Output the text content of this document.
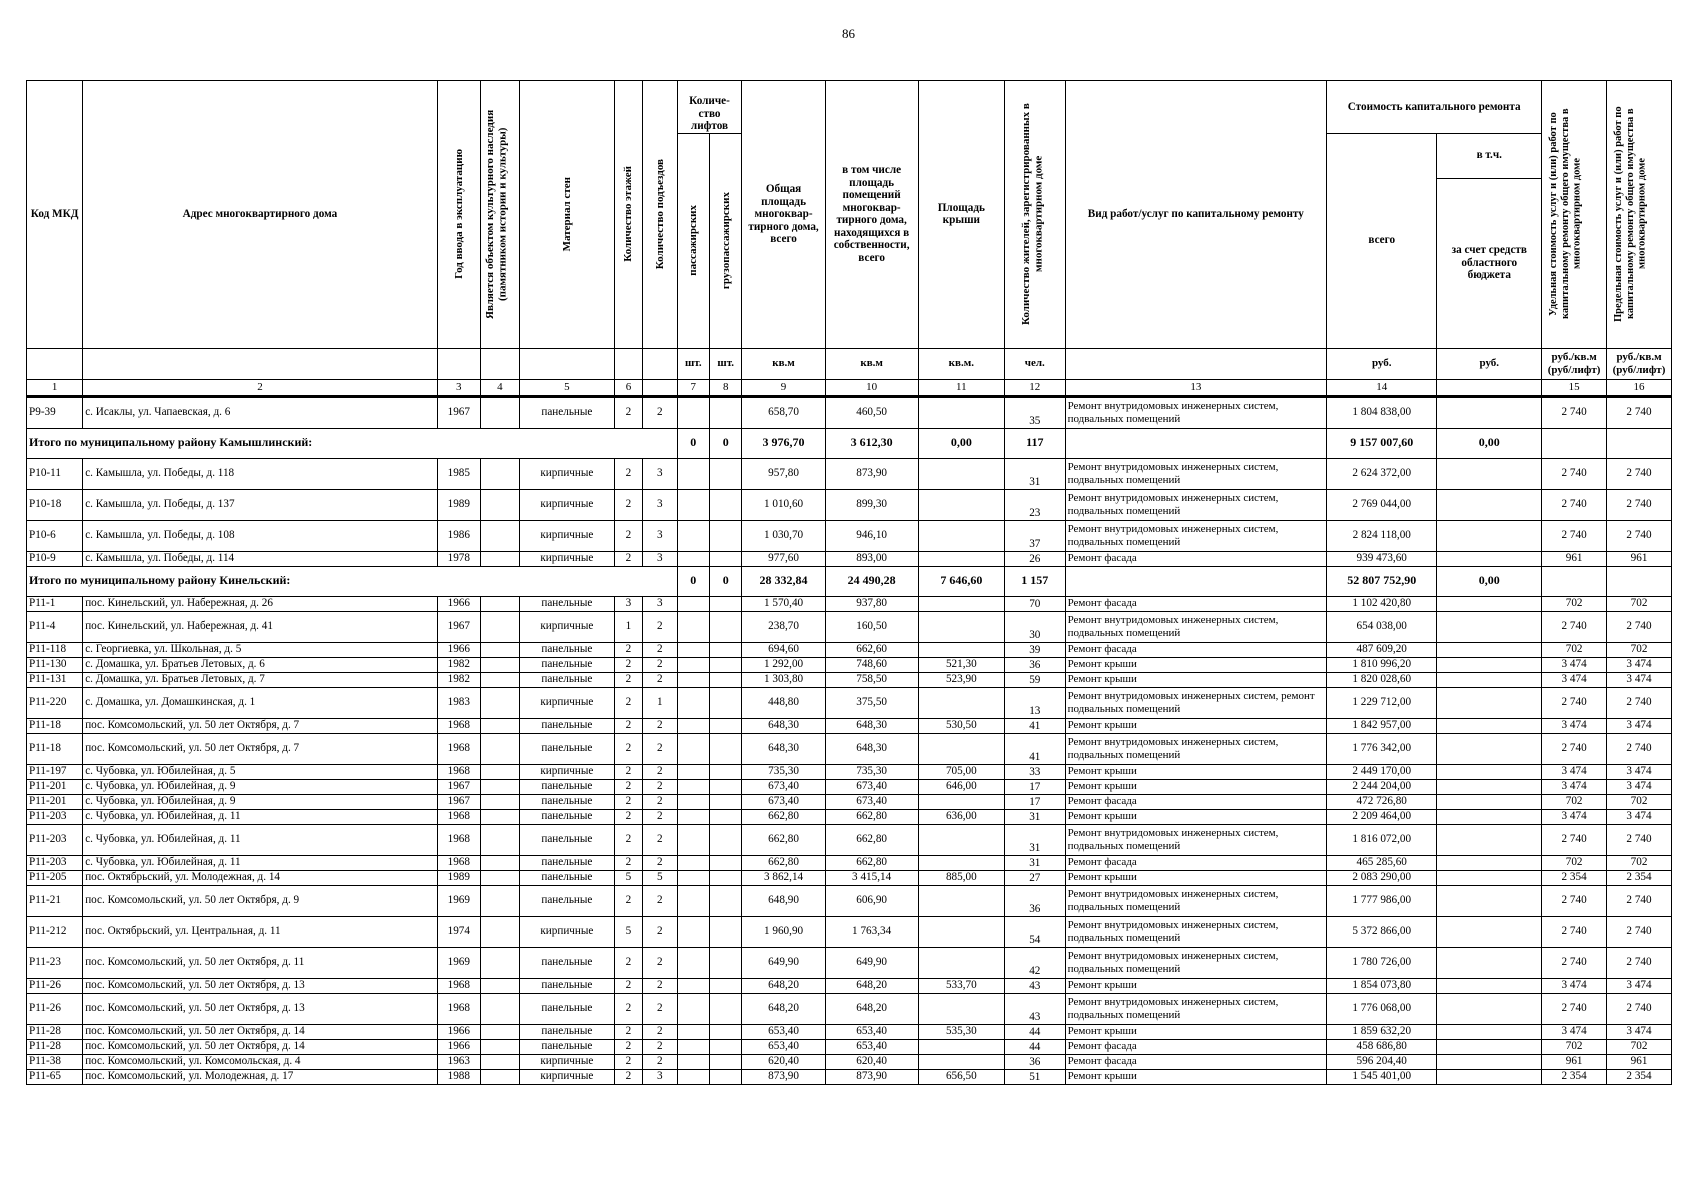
86
Код МКД	Адрес многоквартирного дома	Год ввода в эксплуатацию	Является объектом культурного наследия (памятником истории и культуры)	Материал стен	Количество этажей	Количество подъездов	Количе-ство лифтов		Общая площадь многоквар-тирного дома, всего	в том числе площадь помещений многоквар-тирного дома, находящихся в собственности, всего	Площадь крыши	Количество жителей, зарегистрированных в многоквартирном доме	Вид работ/услуг по капитальному ремонту	Стоимость капитального ремонта		Удельная стоимость услуг и (или) работ по капитальному ремонту общего имущества в многоквартирном доме	Предельная стоимость услуг и (или) работ по капитальному ремонту общего имущества в многоквартирном доме

							пассажирских	грузопассажирских						всего	в т.ч.		
															за счет средств областного бюджета		
							шт.	шт.	кв.м	кв.м	кв.м.	чел.		руб.	руб.	руб./кв.м (руб/лифт)	руб./кв.м (руб/лифт)
1	2	3	4	5	6		7	8	9	10	11	12	13	14		15	16
Р9-39	с. Исаклы, ул. Чапаевская, д. 6	1967		панельные	2	2			658,70	460,50		35	Ремонт внутридомовых инженерных систем, подвальных помещений	1 804 838,00		2 740	2 740
Итого по муниципальному району Камышлинский:							0	0	3 976,70	3 612,30	0,00	117		9 157 007,60	0,00		
Р10-11	с. Камышла, ул. Победы, д. 118	1985		кирпичные	2	3			957,80	873,90		31	Ремонт внутридомовых инженерных систем, подвальных помещений	2 624 372,00		2 740	2 740
Р10-18	с. Камышла, ул. Победы, д. 137	1989		кирпичные	2	3			1 010,60	899,30		23	Ремонт внутридомовых инженерных систем, подвальных помещений	2 769 044,00		2 740	2 740
Р10-6	с. Камышла, ул. Победы, д. 108	1986		кирпичные	2	3			1 030,70	946,10		37	Ремонт внутридомовых инженерных систем, подвальных помещений	2 824 118,00		2 740	2 740
Р10-9	с. Камышла, ул. Победы, д. 114	1978		кирпичные	2	3			977,60	893,00		26	Ремонт фасада	939 473,60		961	961
Итого по муниципальному району Кинельский:							0	0	28 332,84	24 490,28	7 646,60	1 157		52 807 752,90	0,00		
Р11-1	пос. Кинельский, ул. Набережная, д. 26	1966		панельные	3	3			1 570,40	937,80		70	Ремонт фасада	1 102 420,80		702	702
Р11-4	пос. Кинельский, ул. Набережная, д. 41	1967		кирпичные	1	2			238,70	160,50		30	Ремонт внутридомовых инженерных систем, подвальных помещений	654 038,00		2 740	2 740
Р11-118	с. Георгиевка, ул. Школьная, д. 5	1966		панельные	2	2			694,60	662,60		39	Ремонт фасада	487 609,20		702	702
Р11-130	с. Домашка, ул. Братьев Летовых, д. 6	1982		панельные	2	2			1 292,00	748,60	521,30	36	Ремонт крыши	1 810 996,20		3 474	3 474
Р11-131	с. Домашка, ул. Братьев Летовых, д. 7	1982		панельные	2	2			1 303,80	758,50	523,90	59	Ремонт крыши	1 820 028,60		3 474	3 474
Р11-220	с. Домашка, ул. Домашкинская, д. 1	1983		кирпичные	2	1			448,80	375,50		13	Ремонт внутридомовых инженерных систем, ремонт подвальных помещений	1 229 712,00		2 740	2 740
Р11-18	пос. Комсомольский, ул. 50 лет Октября, д. 7	1968		панельные	2	2			648,30	648,30	530,50	41	Ремонт крыши	1 842 957,00		3 474	3 474
Р11-18	пос. Комсомольский, ул. 50 лет Октября, д. 7	1968		панельные	2	2			648,30	648,30		41	Ремонт внутридомовых инженерных систем, подвальных помещений	1 776 342,00		2 740	2 740
Р11-197	с. Чубовка, ул. Юбилейная, д. 5	1968		кирпичные	2	2			735,30	735,30	705,00	33	Ремонт крыши	2 449 170,00		3 474	3 474
Р11-201	с. Чубовка, ул. Юбилейная, д. 9	1967		панельные	2	2			673,40	673,40	646,00	17	Ремонт крыши	2 244 204,00		3 474	3 474
Р11-201	с. Чубовка, ул. Юбилейная, д. 9	1967		панельные	2	2			673,40	673,40		17	Ремонт фасада	472 726,80		702	702
Р11-203	с. Чубовка, ул. Юбилейная, д. 11	1968		панельные	2	2			662,80	662,80	636,00	31	Ремонт крыши	2 209 464,00		3 474	3 474
Р11-203	с. Чубовка, ул. Юбилейная, д. 11	1968		панельные	2	2			662,80	662,80		31	Ремонт внутридомовых инженерных систем, подвальных помещений	1 816 072,00		2 740	2 740
Р11-203	с. Чубовка, ул. Юбилейная, д. 11	1968		панельные	2	2			662,80	662,80		31	Ремонт фасада	465 285,60		702	702
Р11-205	пос. Октябрьский, ул. Молодежная, д. 14	1989		панельные	5	5			3 862,14	3 415,14	885,00	27	Ремонт крыши	2 083 290,00		2 354	2 354
Р11-21	пос. Комсомольский, ул. 50 лет Октября, д. 9	1969		панельные	2	2			648,90	606,90		36	Ремонт внутридомовых инженерных систем, подвальных помещений	1 777 986,00		2 740	2 740
Р11-212	пос. Октябрьский, ул. Центральная, д. 11	1974		кирпичные	5	2			1 960,90	1 763,34		54	Ремонт внутридомовых инженерных систем, подвальных помещений	5 372 866,00		2 740	2 740
Р11-23	пос. Комсомольский, ул. 50 лет Октября, д. 11	1969		панельные	2	2			649,90	649,90		42	Ремонт внутридомовых инженерных систем, подвальных помещений	1 780 726,00		2 740	2 740
Р11-26	пос. Комсомольский, ул. 50 лет Октября, д. 13	1968		панельные	2	2			648,20	648,20	533,70	43	Ремонт крыши	1 854 073,80		3 474	3 474
Р11-26	пос. Комсомольский, ул. 50 лет Октября, д. 13	1968		панельные	2	2			648,20	648,20		43	Ремонт внутридомовых инженерных систем, подвальных помещений	1 776 068,00		2 740	2 740
Р11-28	пос. Комсомольский, ул. 50 лет Октября, д. 14	1966		панельные	2	2			653,40	653,40	535,30	44	Ремонт крыши	1 859 632,20		3 474	3 474
Р11-28	пос. Комсомольский, ул. 50 лет Октября, д. 14	1966		панельные	2	2			653,40	653,40		44	Ремонт фасада	458 686,80		702	702
Р11-38	пос. Комсомольский, ул. Комсомольская, д. 4	1963		кирпичные	2	2			620,40	620,40		36	Ремонт фасада	596 204,40		961	961
Р11-65	пос. Комсомольский, ул. Молодежная, д. 17	1988		кирпичные	2	3			873,90	873,90	656,50	51	Ремонт крыши	1 545 401,00		2 354	2 354
